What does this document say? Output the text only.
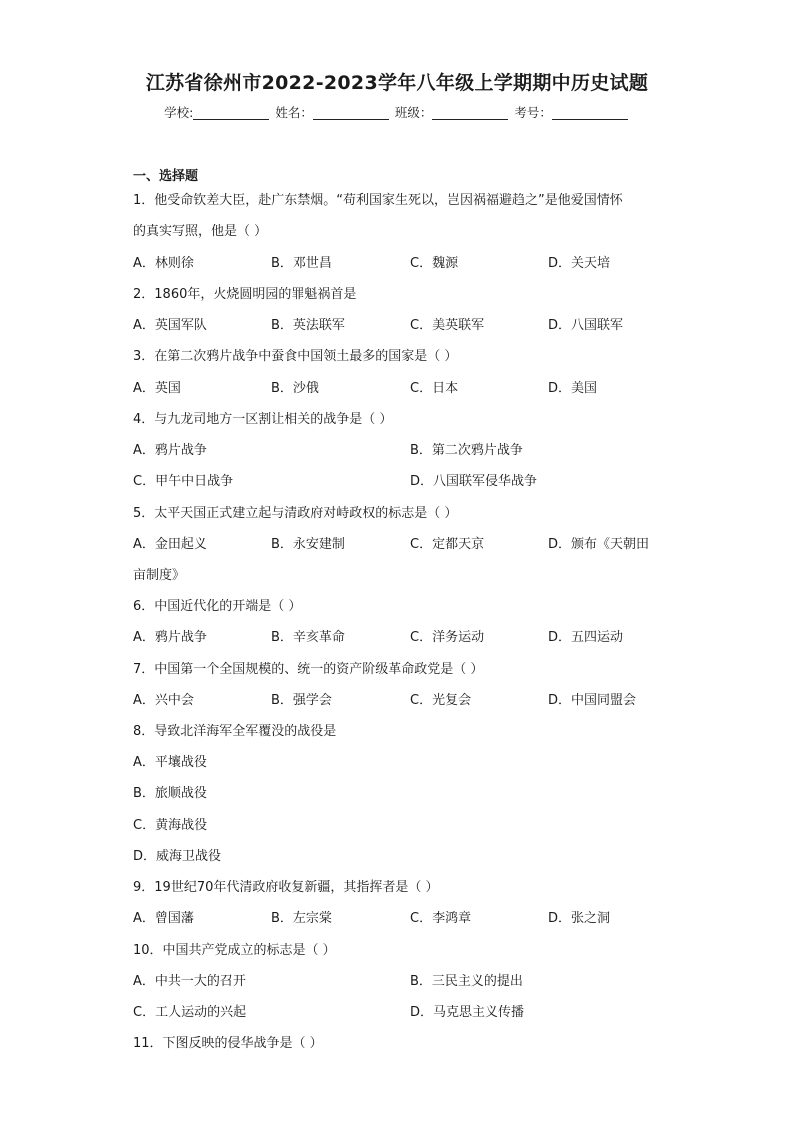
江苏省徐州市2022-2023学年八年级上学期期中历史试题
学校:	姓名：	班级：	考号：
一、选择题
1．他受命钦差大臣，赴广东禁烟。“苟利国家生死以，岂因祸福避趋之”是他爱国情怀
的真实写照，他是（ ）
A．林则徐	B．邓世昌	C．魏源	D．关天培
2．1860年，火烧圆明园的罪魁祸首是
A．英国军队	B．英法联军	C．美英联军	D．八国联军
3．在第二次鸦片战争中蚕食中国领土最多的国家是（ ）
A．英国	B．沙俄	C．日本	D．美国
4．与九龙司地方一区割让相关的战争是（ ）
A．鸦片战争	B．第二次鸦片战争
C．甲午中日战争	D．八国联军侵华战争
5．太平天国正式建立起与清政府对峙政权的标志是（ ）
A．金田起义	B．永安建制	C．定都天京	D．颁布《天朝田
亩制度》
6．中国近代化的开端是（ ）
A．鸦片战争	B．辛亥革命	C．洋务运动	D．五四运动
7．中国第一个全国规模的、统一的资产阶级革命政党是（ ）
A．兴中会	B．强学会	C．光复会	D．中国同盟会
8．导致北洋海军全军覆没的战役是
A．平壤战役
B．旅顺战役
C．黄海战役
D．威海卫战役
9．19世纪70年代清政府收复新疆，其指挥者是（ ）
A．曾国藩	B．左宗棠	C．李鸿章	D．张之洞
10．中国共产党成立的标志是（ ）
A．中共一大的召开	B．三民主义的提出
C．工人运动的兴起	D．马克思主义传播
11．下图反映的侵华战争是（ ）
